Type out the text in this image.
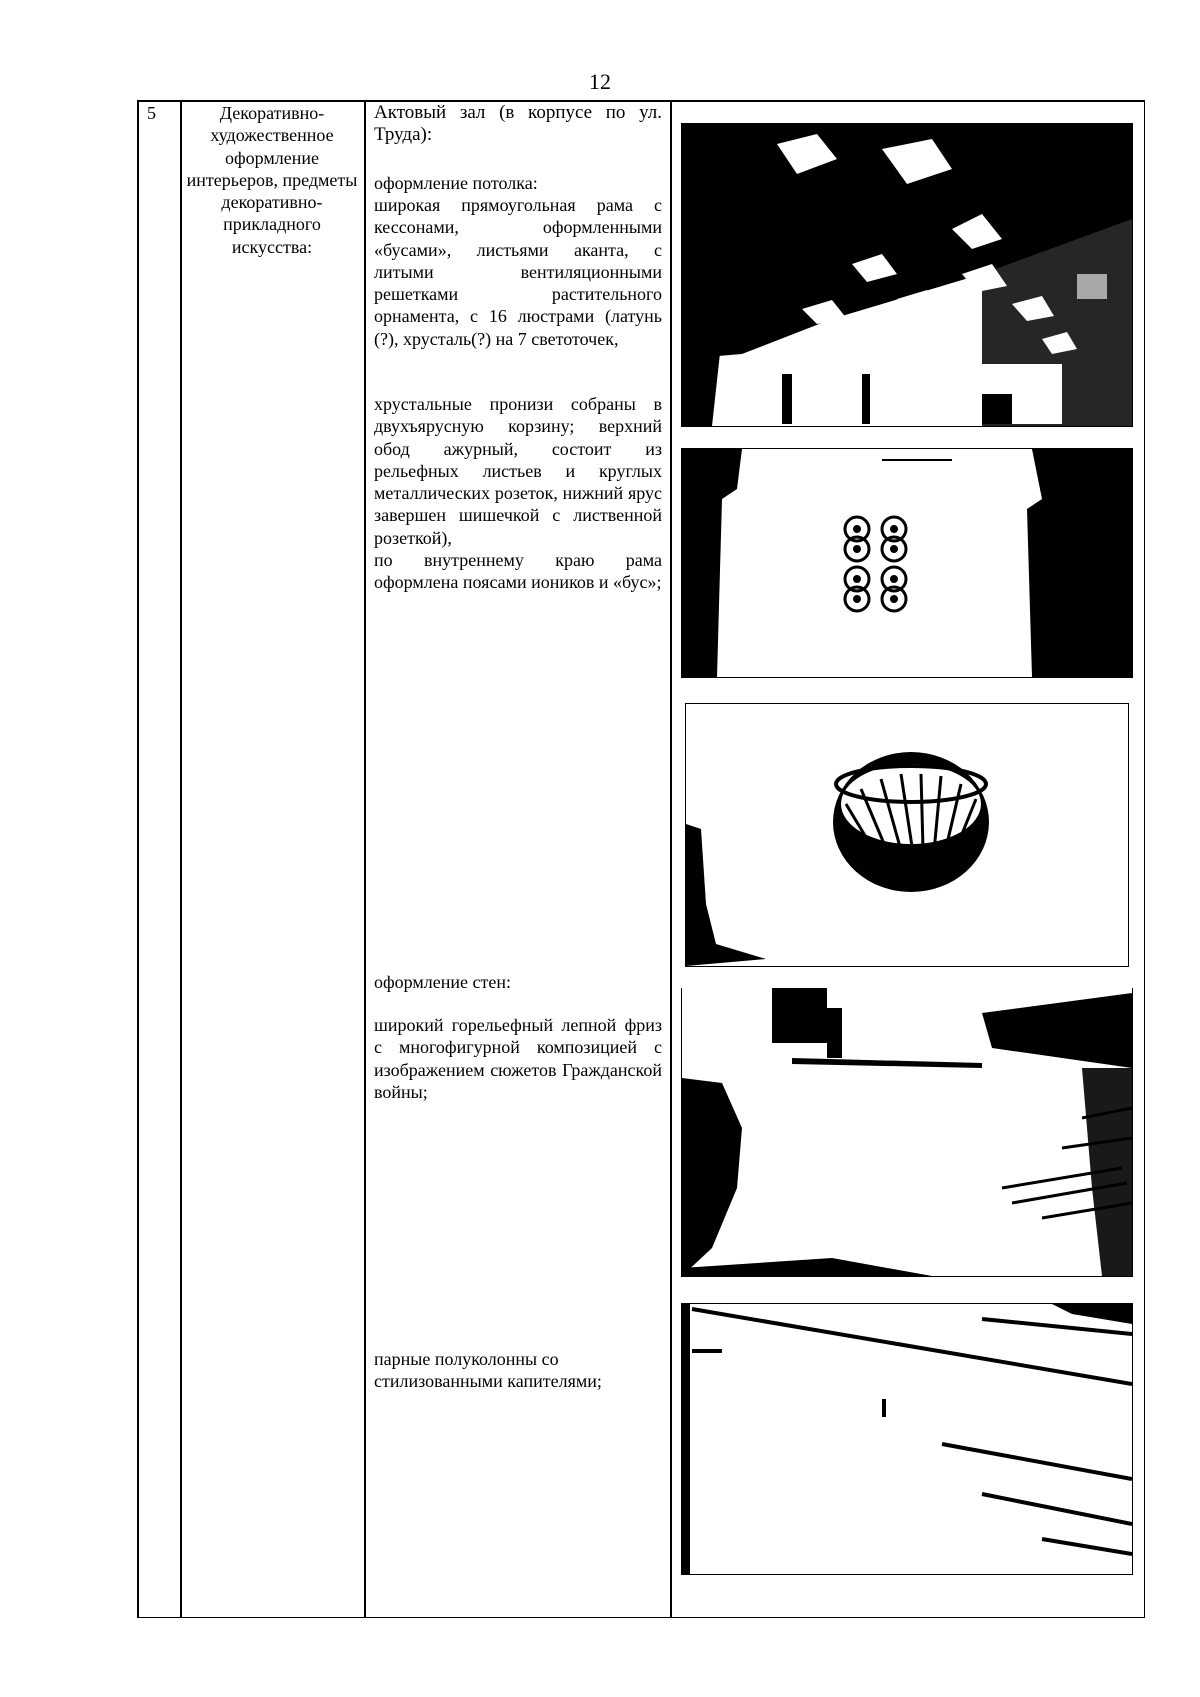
12
5	Декоративно-художественное оформление интерьеров, предметы декоративно-прикладного искусства:
Актовый зал (в корпусе по ул. Труда):
оформление потолка:
широкая прямоугольная рама с кессонами, оформленными «бусами», листьями аканта, с литыми вентиляционными решетками растительного орнамента, с 16 люстрами (латунь (?), хрусталь(?) на 7 светоточек,
хрустальные пронизи собраны в двухъярусную корзину; верхний обод ажурный, состоит из рельефных листьев и круглых металлических розеток, нижний ярус завершен шишечкой с лиственной розеткой),
по внутреннему краю рама оформлена поясами иоников и «бус»;
оформление стен:
широкий горельефный лепной фриз с многофигурной композицией с изображением сюжетов Гражданской войны;
парные полуколонны со стилизованными капителями;
